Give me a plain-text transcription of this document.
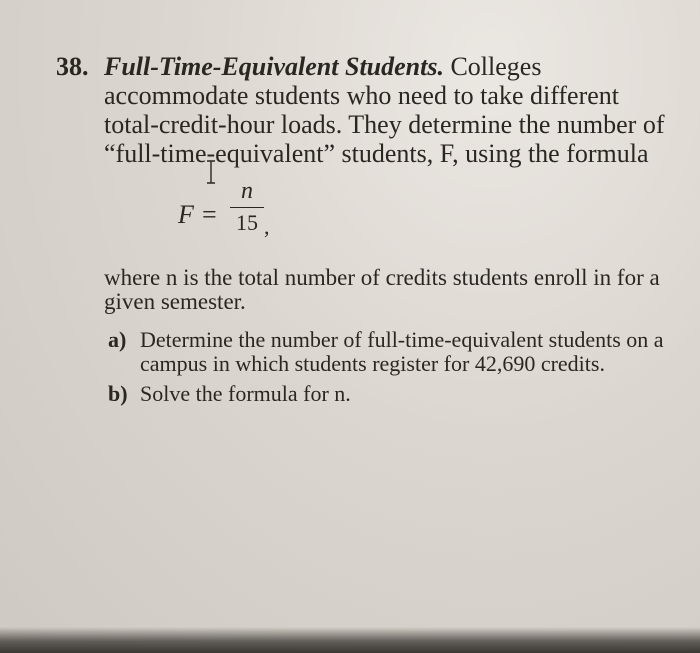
38. Full-Time-Equivalent Students. Colleges accommodate students who need to take different total-credit-hour loads. They determine the number of “full-time-equivalent” students, F, using the formula
F =
n
15 ,
where n is the total number of credits students enroll in for a given semester.
a) Determine the number of full-time-equivalent students on a campus in which students register for 42,690 credits.
b) Solve the formula for n.
